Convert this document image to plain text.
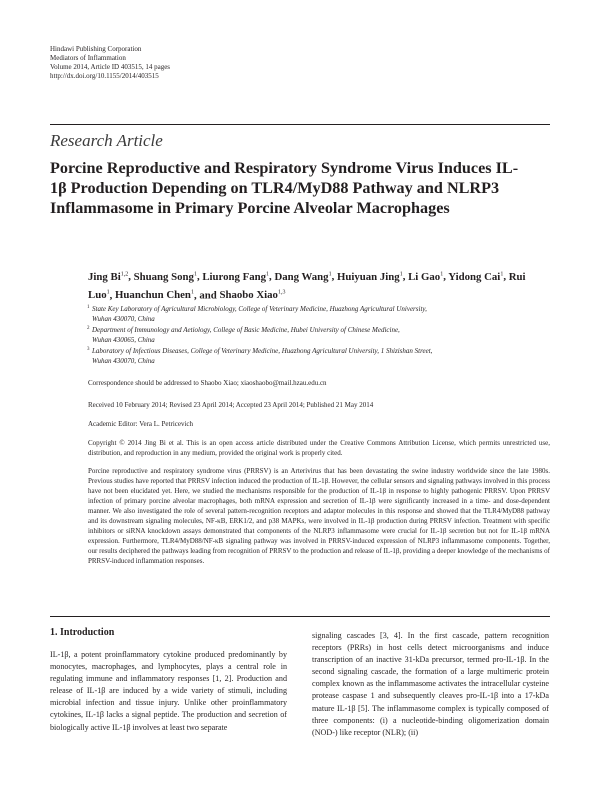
Hindawi Publishing Corporation
Mediators of Inflammation
Volume 2014, Article ID 403515, 14 pages
http://dx.doi.org/10.1155/2014/403515
Research Article
Porcine Reproductive and Respiratory Syndrome Virus Induces IL-1β Production Depending on TLR4/MyD88 Pathway and NLRP3 Inflammasome in Primary Porcine Alveolar Macrophages
Jing Bi$^{1,2}$, Shuang Song$^1$, Liurong Fang$^1$, Dang Wang$^1$, Huiyuan Jing$^1$, Li Gao$^1$, Yidong Cai$^1$, Rui Luo$^1$, Huanchun Chen$^1$, and Shaobo Xiao$^{1,3}$
1 State Key Laboratory of Agricultural Microbiology, College of Veterinary Medicine, Huazhong Agricultural University,
Wuhan 430070, China
2 Department of Immunology and Aetiology, College of Basic Medicine, Hubei University of Chinese Medicine,
Wuhan 430065, China
3 Laboratory of Infectious Diseases, College of Veterinary Medicine, Huazhong Agricultural University, 1 Shizishan Street,
Wuhan 430070, China
Correspondence should be addressed to Shaobo Xiao; xiaoshaobo@mail.hzau.edu.cn
Received 10 February 2014; Revised 23 April 2014; Accepted 23 April 2014; Published 21 May 2014
Academic Editor: Vera L. Petricevich
Copyright © 2014 Jing Bi et al. This is an open access article distributed under the Creative Commons Attribution License, which permits unrestricted use, distribution, and reproduction in any medium, provided the original work is properly cited.
Porcine reproductive and respiratory syndrome virus (PRRSV) is an Arterivirus that has been devastating the swine industry worldwide since the late 1980s. Previous studies have reported that PRRSV infection induced the production of IL-1β. However, the cellular sensors and signaling pathways involved in this process have not been elucidated yet. Here, we studied the mechanisms responsible for the production of IL-1β in response to highly pathogenic PRRSV. Upon PRRSV infection of primary porcine alveolar macrophages, both mRNA expression and secretion of IL-1β were significantly increased in a time- and dose-dependent manner. We also investigated the role of several pattern-recognition receptors and adaptor molecules in this response and showed that the TLR4/MyD88 pathway and its downstream signaling molecules, NF-κB, ERK1/2, and p38 MAPKs, were involved in IL-1β production during PRRSV infection. Treatment with specific inhibitors or siRNA knockdown assays demonstrated that components of the NLRP3 inflammasome were crucial for IL-1β secretion but not for IL-1β mRNA expression. Furthermore, TLR4/MyD88/NF-κB signaling pathway was involved in PRRSV-induced expression of NLRP3 inflammasome components. Together, our results deciphered the pathways leading from recognition of PRRSV to the production and release of IL-1β, providing a deeper knowledge of the mechanisms of PRRSV-induced inflammation responses.
1. Introduction

IL-1β, a potent proinflammatory cytokine produced predominantly by monocytes, macrophages, and lymphocytes, plays a central role in regulating immune and inflammatory responses [1, 2]. Production and release of IL-1β are induced by a wide variety of stimuli, including microbial infection and tissue injury. Unlike other proinflammatory cytokines, IL-1β lacks a signal peptide. The production and secretion of biologically active IL-1β involves at least two separate

signaling cascades [3, 4]. In the first cascade, pattern recognition receptors (PRRs) in host cells detect microorganisms and induce transcription of an inactive 31-kDa precursor, termed pro-IL-1β. In the second signaling cascade, the formation of a large multimeric protein complex known as the inflammasome activates the intracellular cysteine protease caspase 1 and subsequently cleaves pro-IL-1β into a 17-kDa mature IL-1β [5]. The inflammasome complex is typically composed of three components: (i) a nucleotide-binding oligomerization domain (NOD-) like receptor (NLR); (ii)
